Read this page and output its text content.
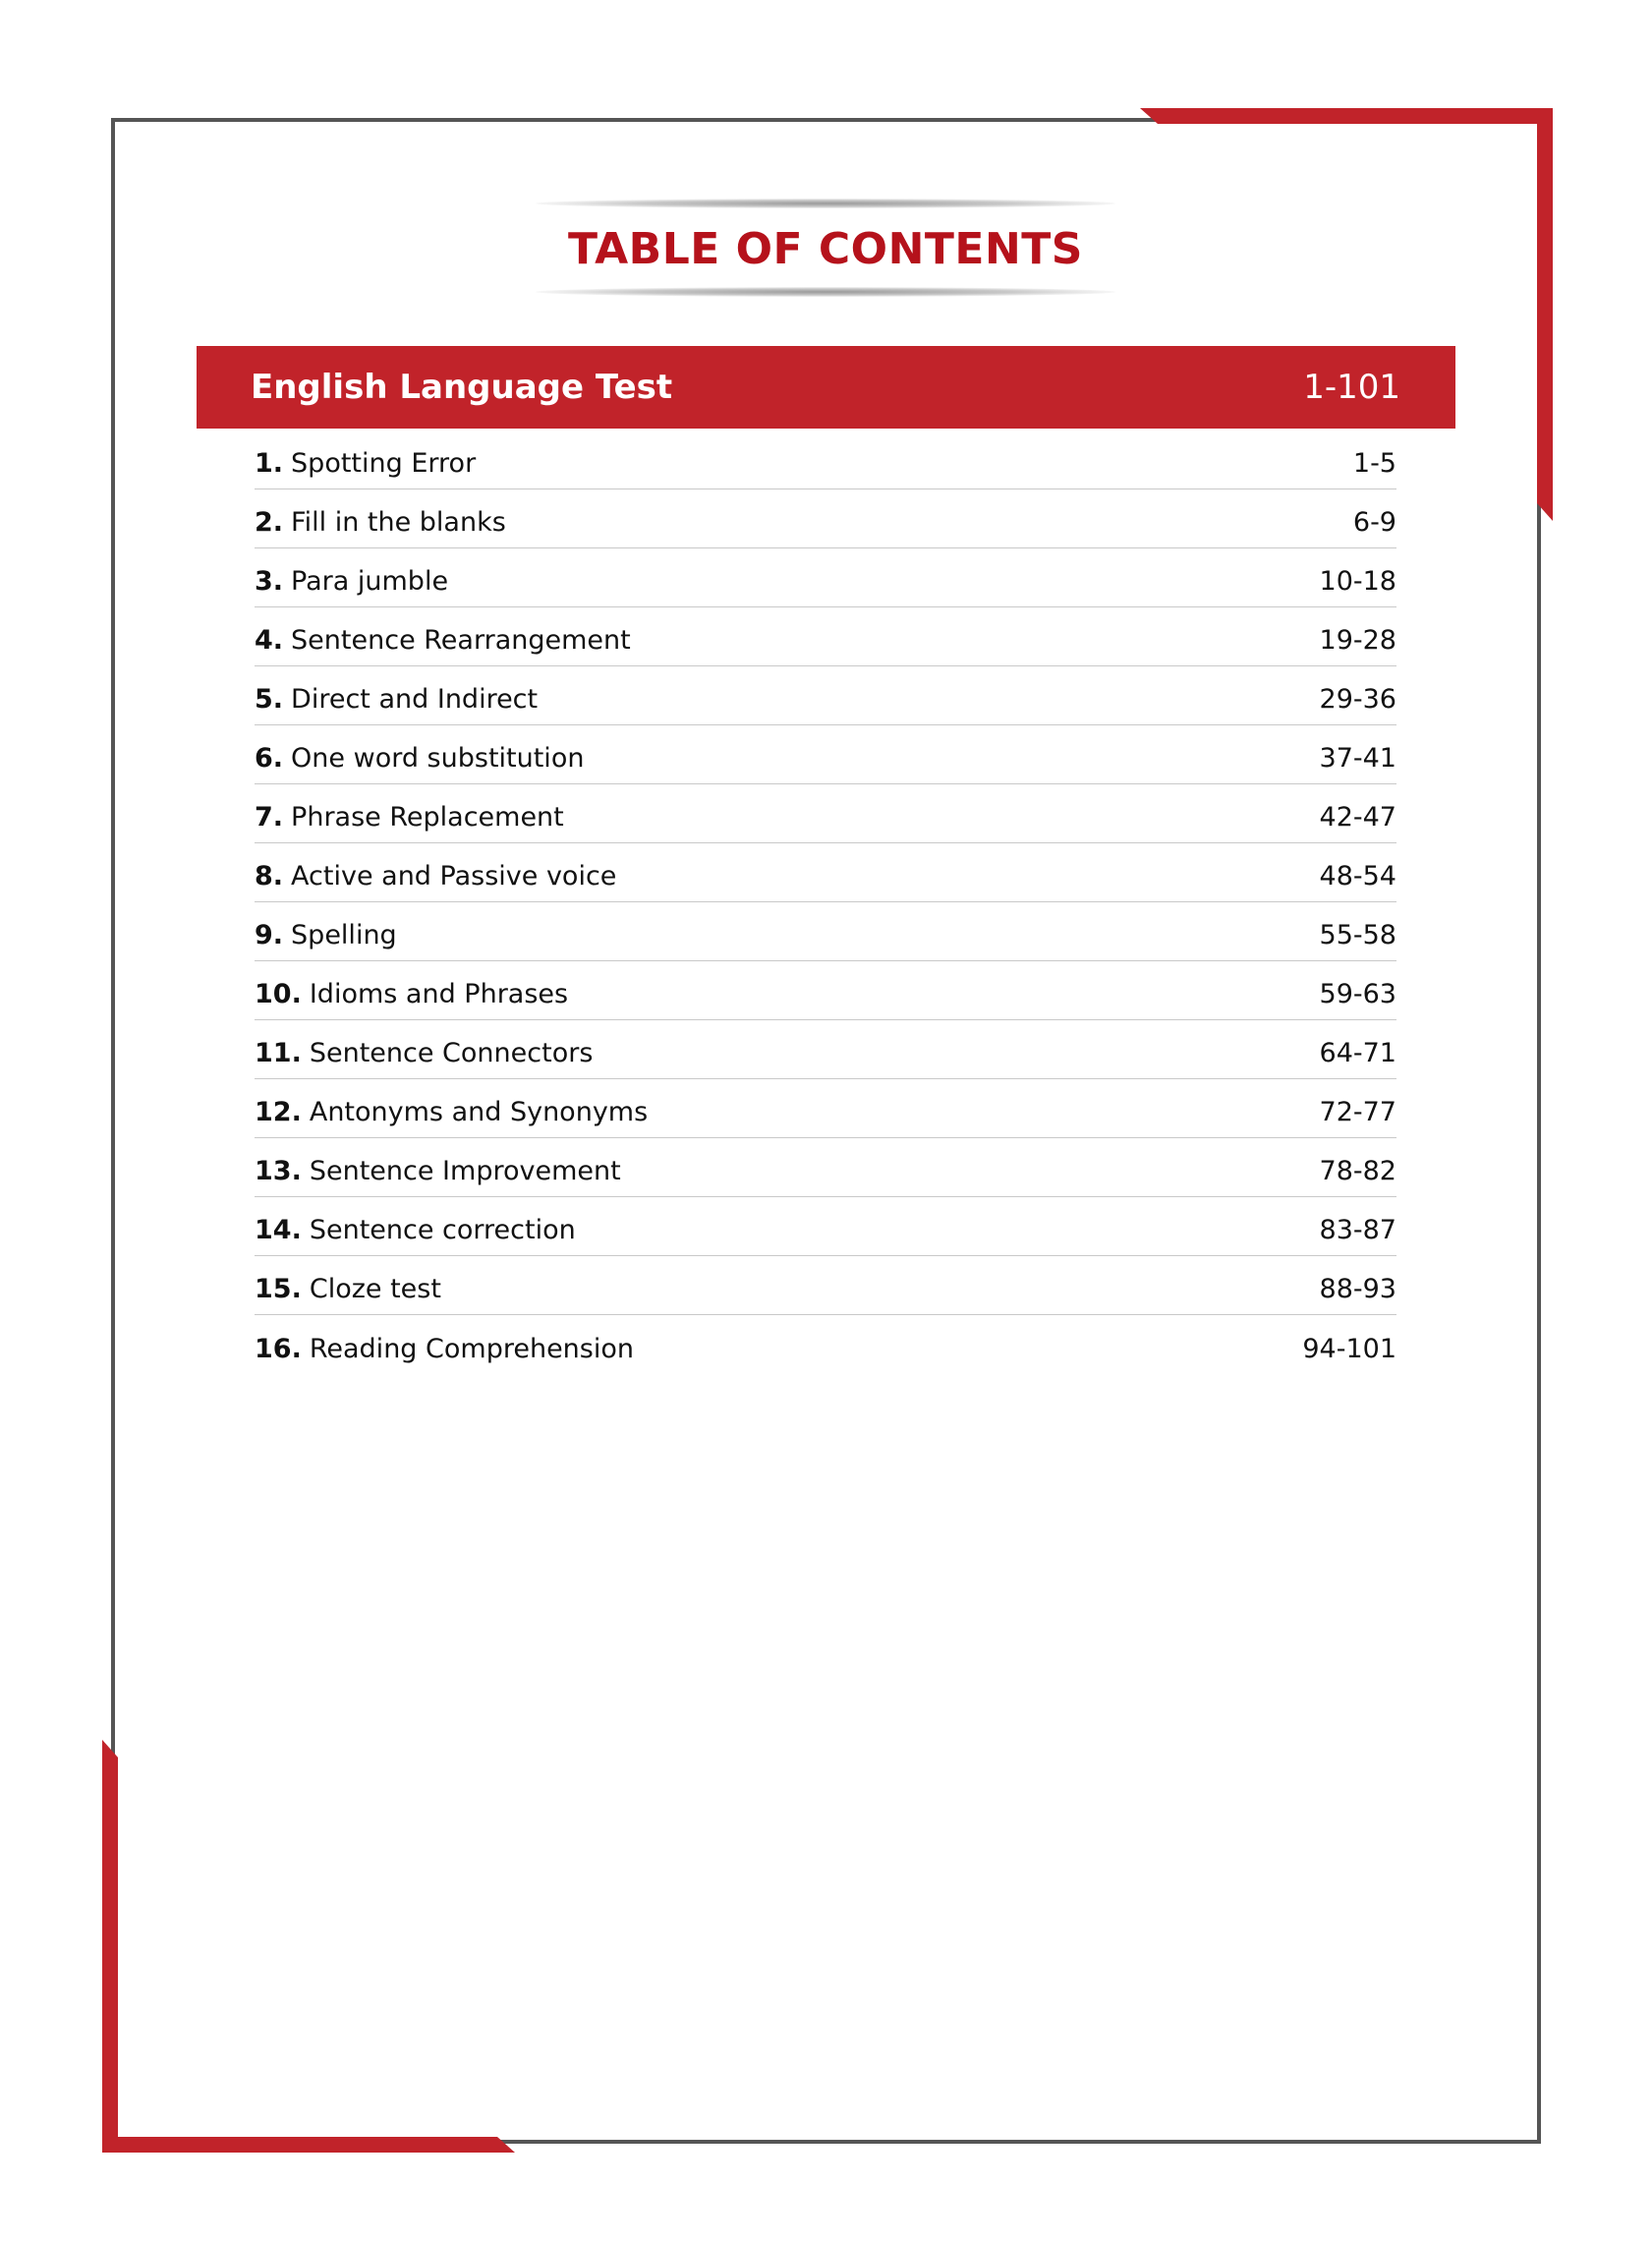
TABLE OF CONTENTS
English Language Test	1-101
1. Spotting Error	1-5
2. Fill in the blanks	6-9
3. Para jumble	10-18
4. Sentence Rearrangement	19-28
5. Direct and Indirect	29-36
6. One word substitution	37-41
7. Phrase Replacement	42-47
8. Active and Passive voice	48-54
9. Spelling	55-58
10. Idioms and Phrases	59-63
11. Sentence Connectors	64-71
12. Antonyms and Synonyms	72-77
13. Sentence Improvement	78-82
14. Sentence correction	83-87
15. Cloze test	88-93
16. Reading Comprehension	94-101
